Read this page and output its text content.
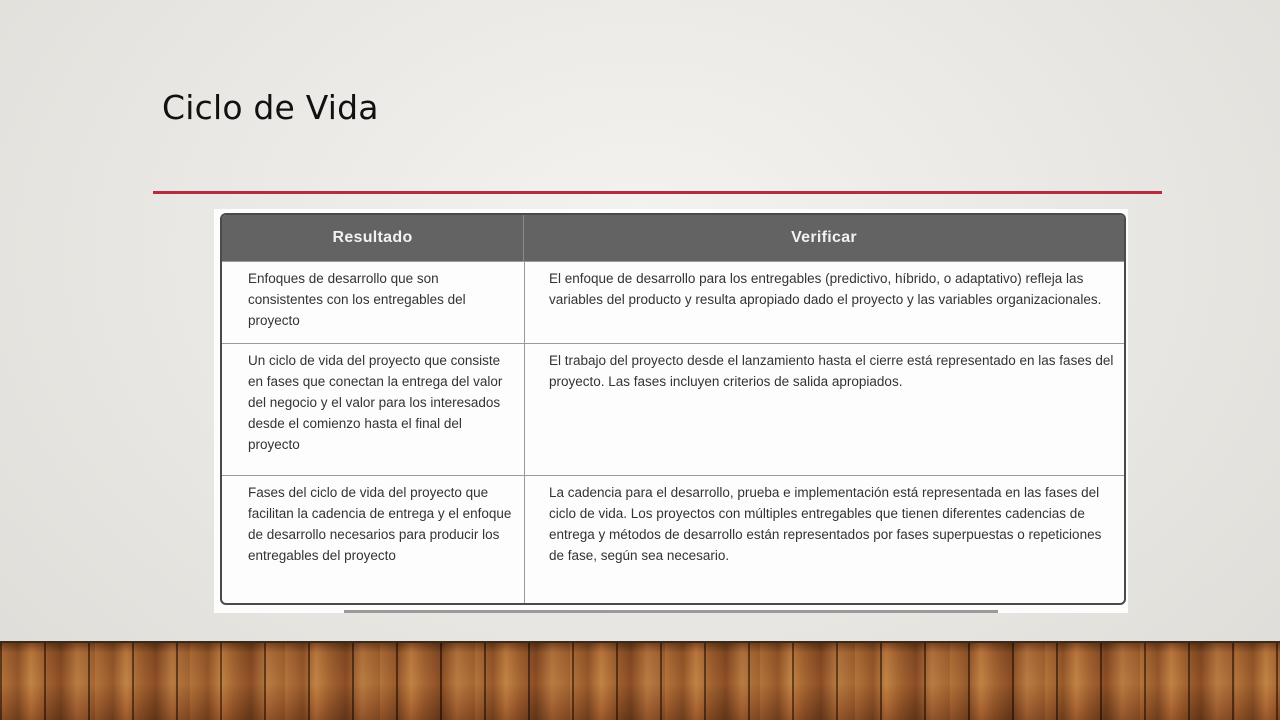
Ciclo de Vida
Resultado	Verificar
Enfoques de desarrollo que son consistentes con los entregables del proyecto	El enfoque de desarrollo para los entregables (predictivo, híbrido, o adaptativo) refleja las variables del producto y resulta apropiado dado el proyecto y las variables organizacionales.
Un ciclo de vida del proyecto que consiste en fases que conectan la entrega del valor del negocio y el valor para los interesados desde el comienzo hasta el final del proyecto	El trabajo del proyecto desde el lanzamiento hasta el cierre está representado en las fases del proyecto. Las fases incluyen criterios de salida apropiados.
Fases del ciclo de vida del proyecto que facilitan la cadencia de entrega y el enfoque de desarrollo necesarios para producir los entregables del proyecto	La cadencia para el desarrollo, prueba e implementación está representada en las fases del ciclo de vida. Los proyectos con múltiples entregables que tienen diferentes cadencias de entrega y métodos de desarrollo están representados por fases superpuestas o repeticiones de fase, según sea necesario.
